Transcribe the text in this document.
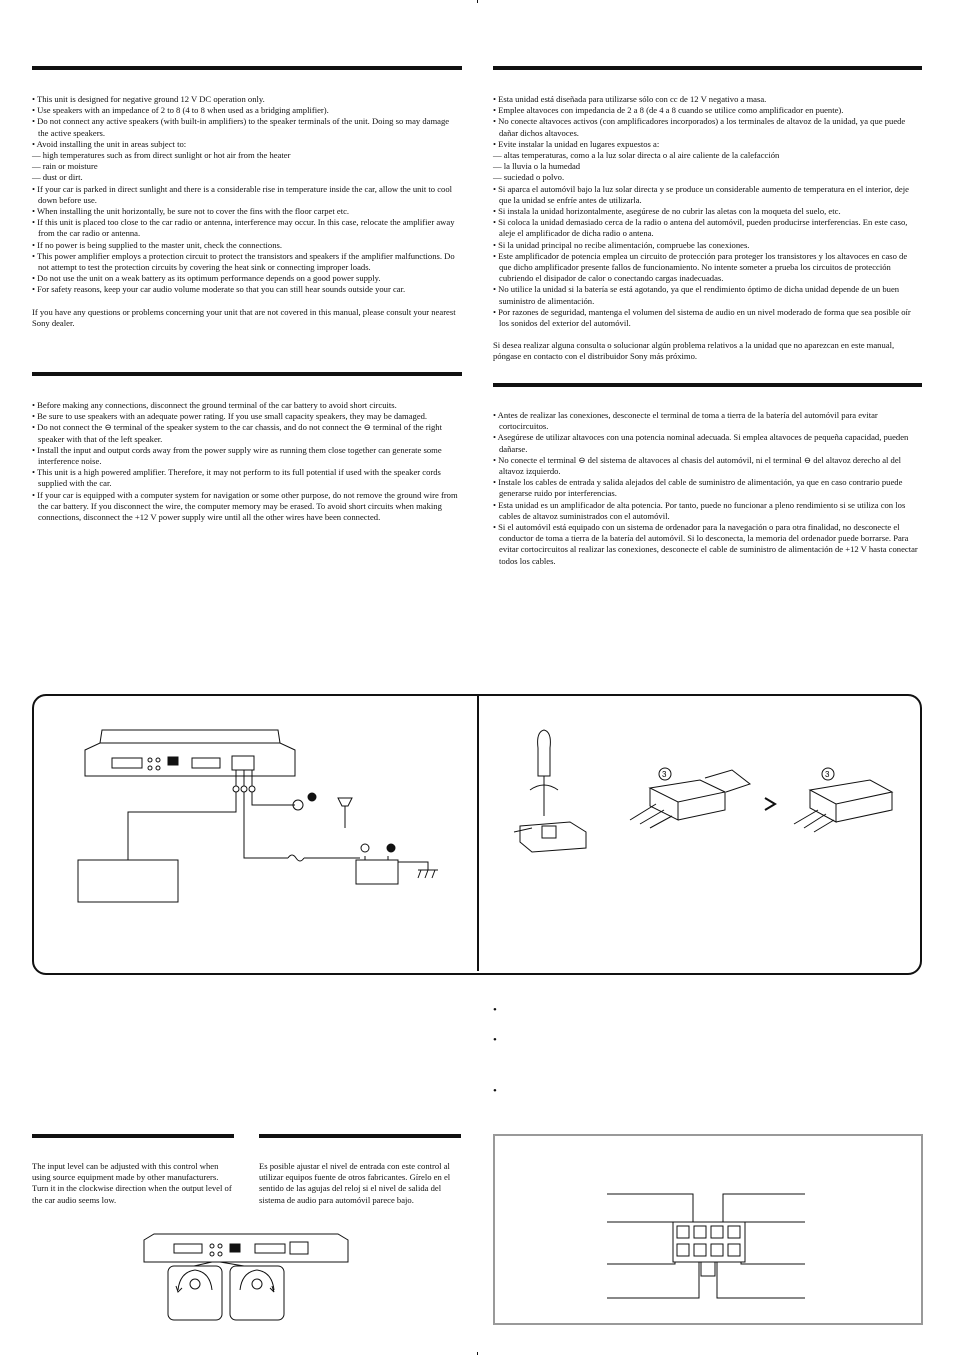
• This unit is designed for negative ground 12 V DC operation only.
• Use speakers with an impedance of 2 to 8 (4 to 8 when used as a bridging amplifier).
• Do not connect any active speakers (with built-in amplifiers) to the speaker terminals of the unit. Doing so may damage the active speakers.
• Avoid installing the unit in areas subject to:
— high temperatures such as from direct sunlight or hot air from the heater
— rain or moisture
— dust or dirt.
• If your car is parked in direct sunlight and there is a considerable rise in temperature inside the car, allow the unit to cool down before use.
• When installing the unit horizontally, be sure not to cover the fins with the floor carpet etc.
• If this unit is placed too close to the car radio or antenna, interference may occur. In this case, relocate the amplifier away from the car radio or antenna.
• If no power is being supplied to the master unit, check the connections.
• This power amplifier employs a protection circuit to protect the transistors and speakers if the amplifier malfunctions. Do not attempt to test the protection circuits by covering the heat sink or connecting improper loads.
• Do not use the unit on a weak battery as its optimum performance depends on a good power supply.
• For safety reasons, keep your car audio volume moderate so that you can still hear sounds outside your car.

If you have any questions or problems concerning your unit that are not covered in this manual, please consult your nearest Sony dealer.

• Esta unidad está diseñada para utilizarse sólo con cc de 12 V negativo a masa.
• Emplee altavoces con impedancia de 2 a 8 (de 4 a 8 cuando se utilice como amplificador en puente).
• No conecte altavoces activos (con amplificadores incorporados) a los terminales de altavoz de la unidad, ya que puede dañar dichos altavoces.
• Evite instalar la unidad en lugares expuestos a:
— altas temperaturas, como a la luz solar directa o al aire caliente de la calefacción
— la lluvia o la humedad
— suciedad o polvo.
• Si aparca el automóvil bajo la luz solar directa y se produce un considerable aumento de temperatura en el interior, deje que la unidad se enfríe antes de utilizarla.
• Si instala la unidad horizontalmente, asegúrese de no cubrir las aletas con la moqueta del suelo, etc.
• Si coloca la unidad demasiado cerca de la radio o antena del automóvil, pueden producirse interferencias. En este caso, aleje el amplificador de dicha radio o antena.
• Si la unidad principal no recibe alimentación, compruebe las conexiones.
• Este amplificador de potencia emplea un circuito de protección para proteger los transistores y los altavoces en caso de que dicho amplificador presente fallos de funcionamiento. No intente someter a prueba los circuitos de protección cubriendo el disipador de calor o conectando cargas inadecuadas.
• No utilice la unidad si la batería se está agotando, ya que el rendimiento óptimo de dicha unidad depende de un buen suministro de alimentación.
• Por razones de seguridad, mantenga el volumen del sistema de audio en un nivel moderado de forma que sea posible oír los sonidos del exterior del automóvil.

Si desea realizar alguna consulta o solucionar algún problema relativos a la unidad que no aparezcan en este manual, póngase en contacto con el distribuidor Sony más próximo.

• Before making any connections, disconnect the ground terminal of the car battery to avoid short circuits.
• Be sure to use speakers with an adequate power rating. If you use small capacity speakers, they may be damaged.
• Do not connect the ⊖ terminal of the speaker system to the car chassis, and do not connect the ⊖ terminal of the right speaker with that of the left speaker.
• Install the input and output cords away from the power supply wire as running them close together can generate some interference noise.
• This unit is a high powered amplifier. Therefore, it may not perform to its full potential if used with the speaker cords supplied with the car.
• If your car is equipped with a computer system for navigation or some other purpose, do not remove the ground wire from the car battery. If you disconnect the wire, the computer memory may be erased. To avoid short circuits when making connections, disconnect the +12 V power supply wire until all the other wires have been connected.
• Antes de realizar las conexiones, desconecte el terminal de toma a tierra de la batería del automóvil para evitar cortocircuitos.
• Asegúrese de utilizar altavoces con una potencia nominal adecuada. Si emplea altavoces de pequeña capacidad, pueden dañarse.
• No conecte el terminal ⊖ del sistema de altavoces al chasis del automóvil, ni el terminal ⊖ del altavoz derecho al del altavoz izquierdo.
• Instale los cables de entrada y salida alejados del cable de suministro de alimentación, ya que en caso contrario puede generarse ruido por interferencias.
• Esta unidad es un amplificador de alta potencia. Por tanto, puede no funcionar a pleno rendimiento si se utiliza con los cables de altavoz suministrados con el automóvil.
• Si el automóvil está equipado con un sistema de ordenador para la navegación o para otra finalidad, no desconecte el conductor de toma a tierra de la batería del automóvil. Si lo desconecta, la memoria del ordenador puede borrarse. Para evitar cortocircuitos al realizar las conexiones, desconecte el cable de suministro de alimentación de +12 V hasta conectar todos los cables.
3	3
•
•
•
The input level can be adjusted with this control when using source equipment made by other manufacturers. Turn it in the clockwise direction when the output level of the car audio seems low.
Es posible ajustar el nivel de entrada con este control al utilizar equipos fuente de otros fabricantes. Gírelo en el sentido de las agujas del reloj si el nivel de salida del sistema de audio para automóvil parece bajo.
